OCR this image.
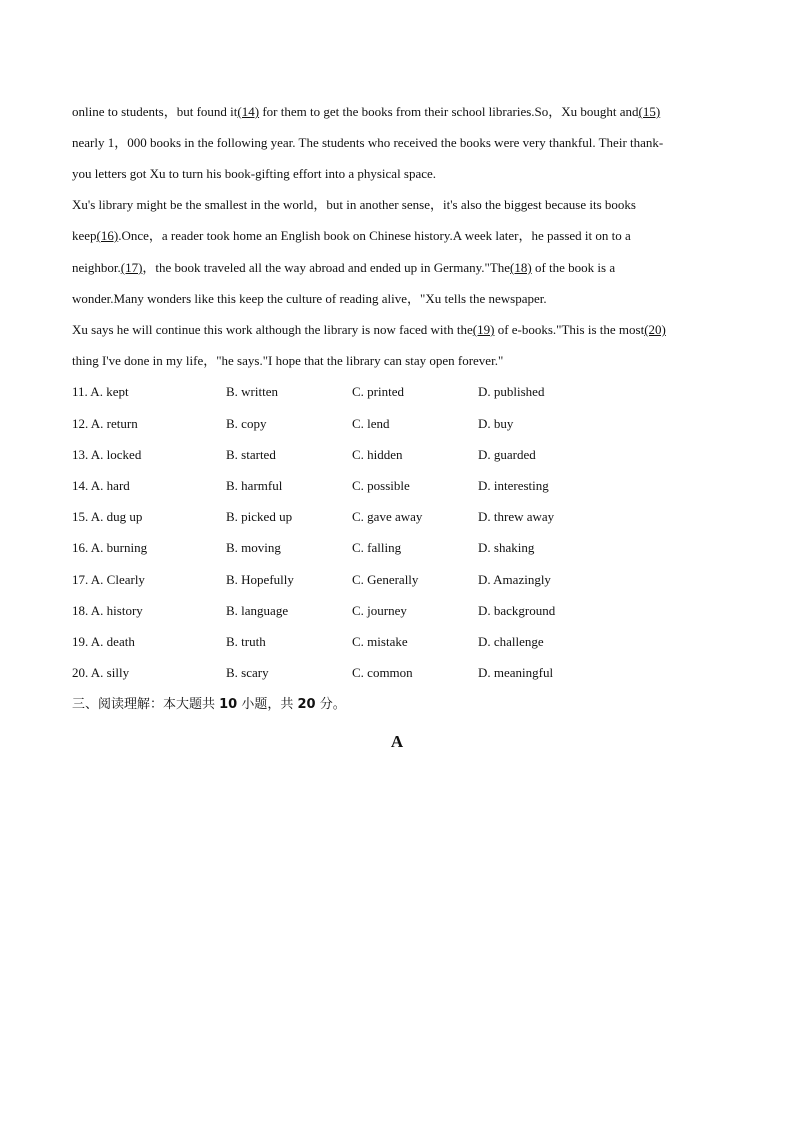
online to students，but found it(14) for them to get the books from their school libraries.So，Xu bought and(15)
nearly 1，000 books in the following year. The students who received the books were very thankful. Their thank-
you letters got Xu to turn his book-gifting effort into a physical space.
Xu's library might be the smallest in the world，but in another sense，it's also the biggest because its books
keep(16).Once，a reader took home an English book on Chinese history.A week later，he passed it on to a
neighbor.(17)，the book traveled all the way abroad and ended up in Germany."The(18) of the book is a
wonder.Many wonders like this keep the culture of reading alive，"Xu tells the newspaper.
Xu says he will continue this work although the library is now faced with the(19) of e-books."This is the most(20)
thing I've done in my life，"he says."I hope that the library can stay open forever."
11. A. kept	B. written	C. printed	D. published
12. A. return	B. copy	C. lend	D. buy
13. A. locked	B. started	C. hidden	D. guarded
14. A. hard	B. harmful	C. possible	D. interesting
15. A. dug up	B. picked up	C. gave away	D. threw away
16. A. burning	B. moving	C. falling	D. shaking
17. A. Clearly	B. Hopefully	C. Generally	D. Amazingly
18. A. history	B. language	C. journey	D. background
19. A. death	B. truth	C. mistake	D. challenge
20. A. silly	B. scary	C. common	D. meaningful
三、阅读理解：本大题共 10 小题，共 20 分。
A
